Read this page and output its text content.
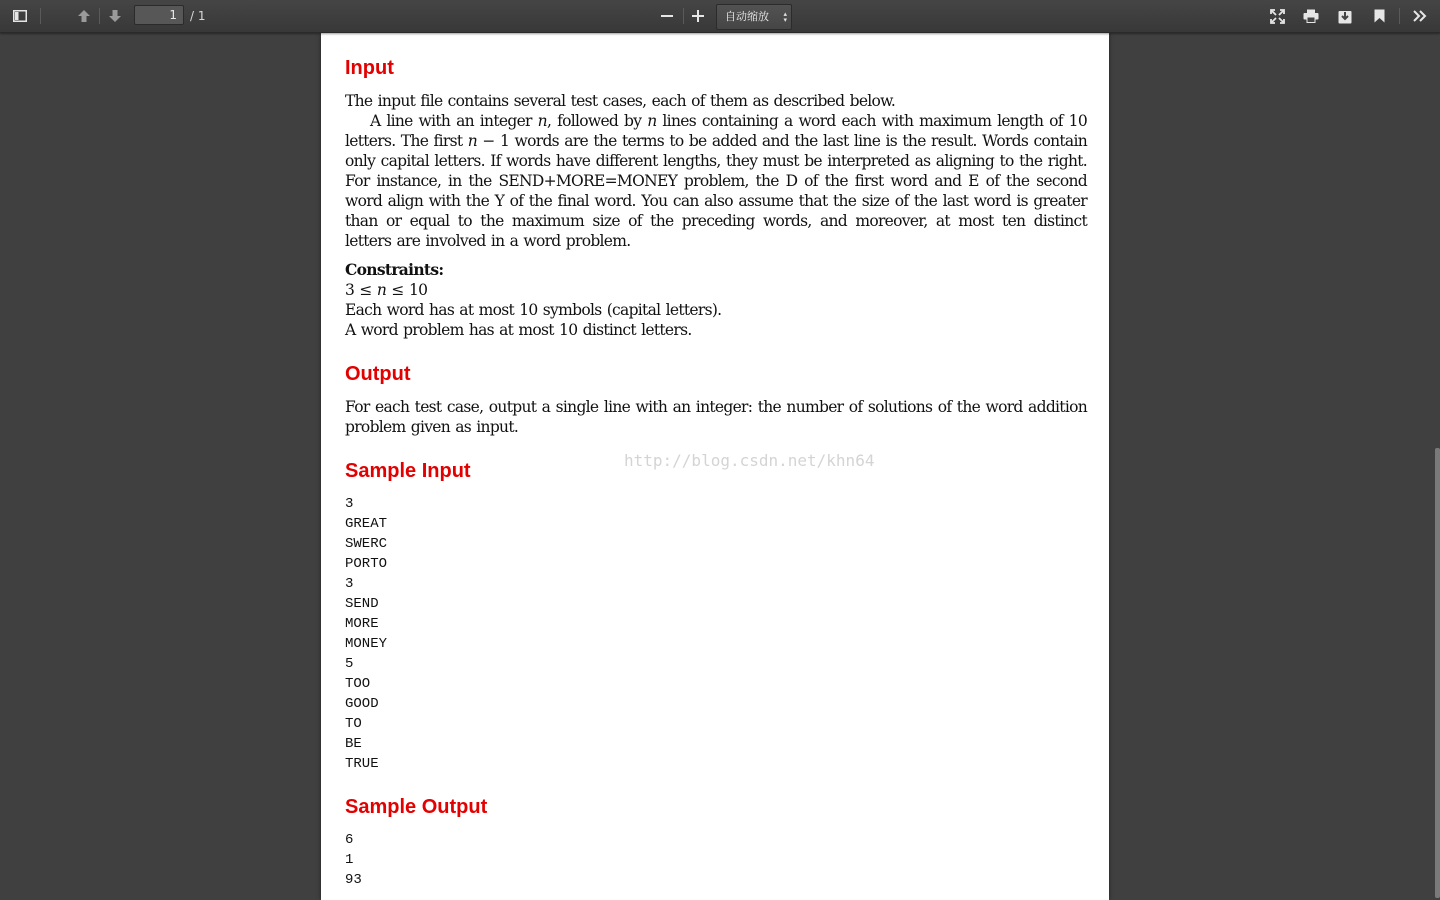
1	/ 1	自动缩放 ▴
▾
Input

The input file contains several test cases, each of them as described below.

A line with an integer n, followed by n lines containing a word each with maximum length of 10 letters. The first n − 1 words are the terms to be added and the last line is the result. Words contain only capital letters. If words have different lengths, they must be interpreted as aligning to the right. For instance, in the SEND+MORE=MONEY problem, the D of the first word and E of the second word align with the Y of the final word. You can also assume that the size of the last word is greater than or equal to the maximum size of the preceding words, and moreover, at most ten distinct letters are involved in a word problem.

Constraints:
3 ≤ n ≤ 10
Each word has at most 10 symbols (capital letters).
A word problem has at most 10 distinct letters.
Output

For each test case, output a single line with an integer: the number of solutions of the word addition problem given as input.

http://blog.csdn.net/khn64
Sample Input
3
GREAT
SWERC
PORTO
3
SEND
MORE
MONEY
5
TOO
GOOD
TO
BE
TRUE
Sample Output
6
1
93
